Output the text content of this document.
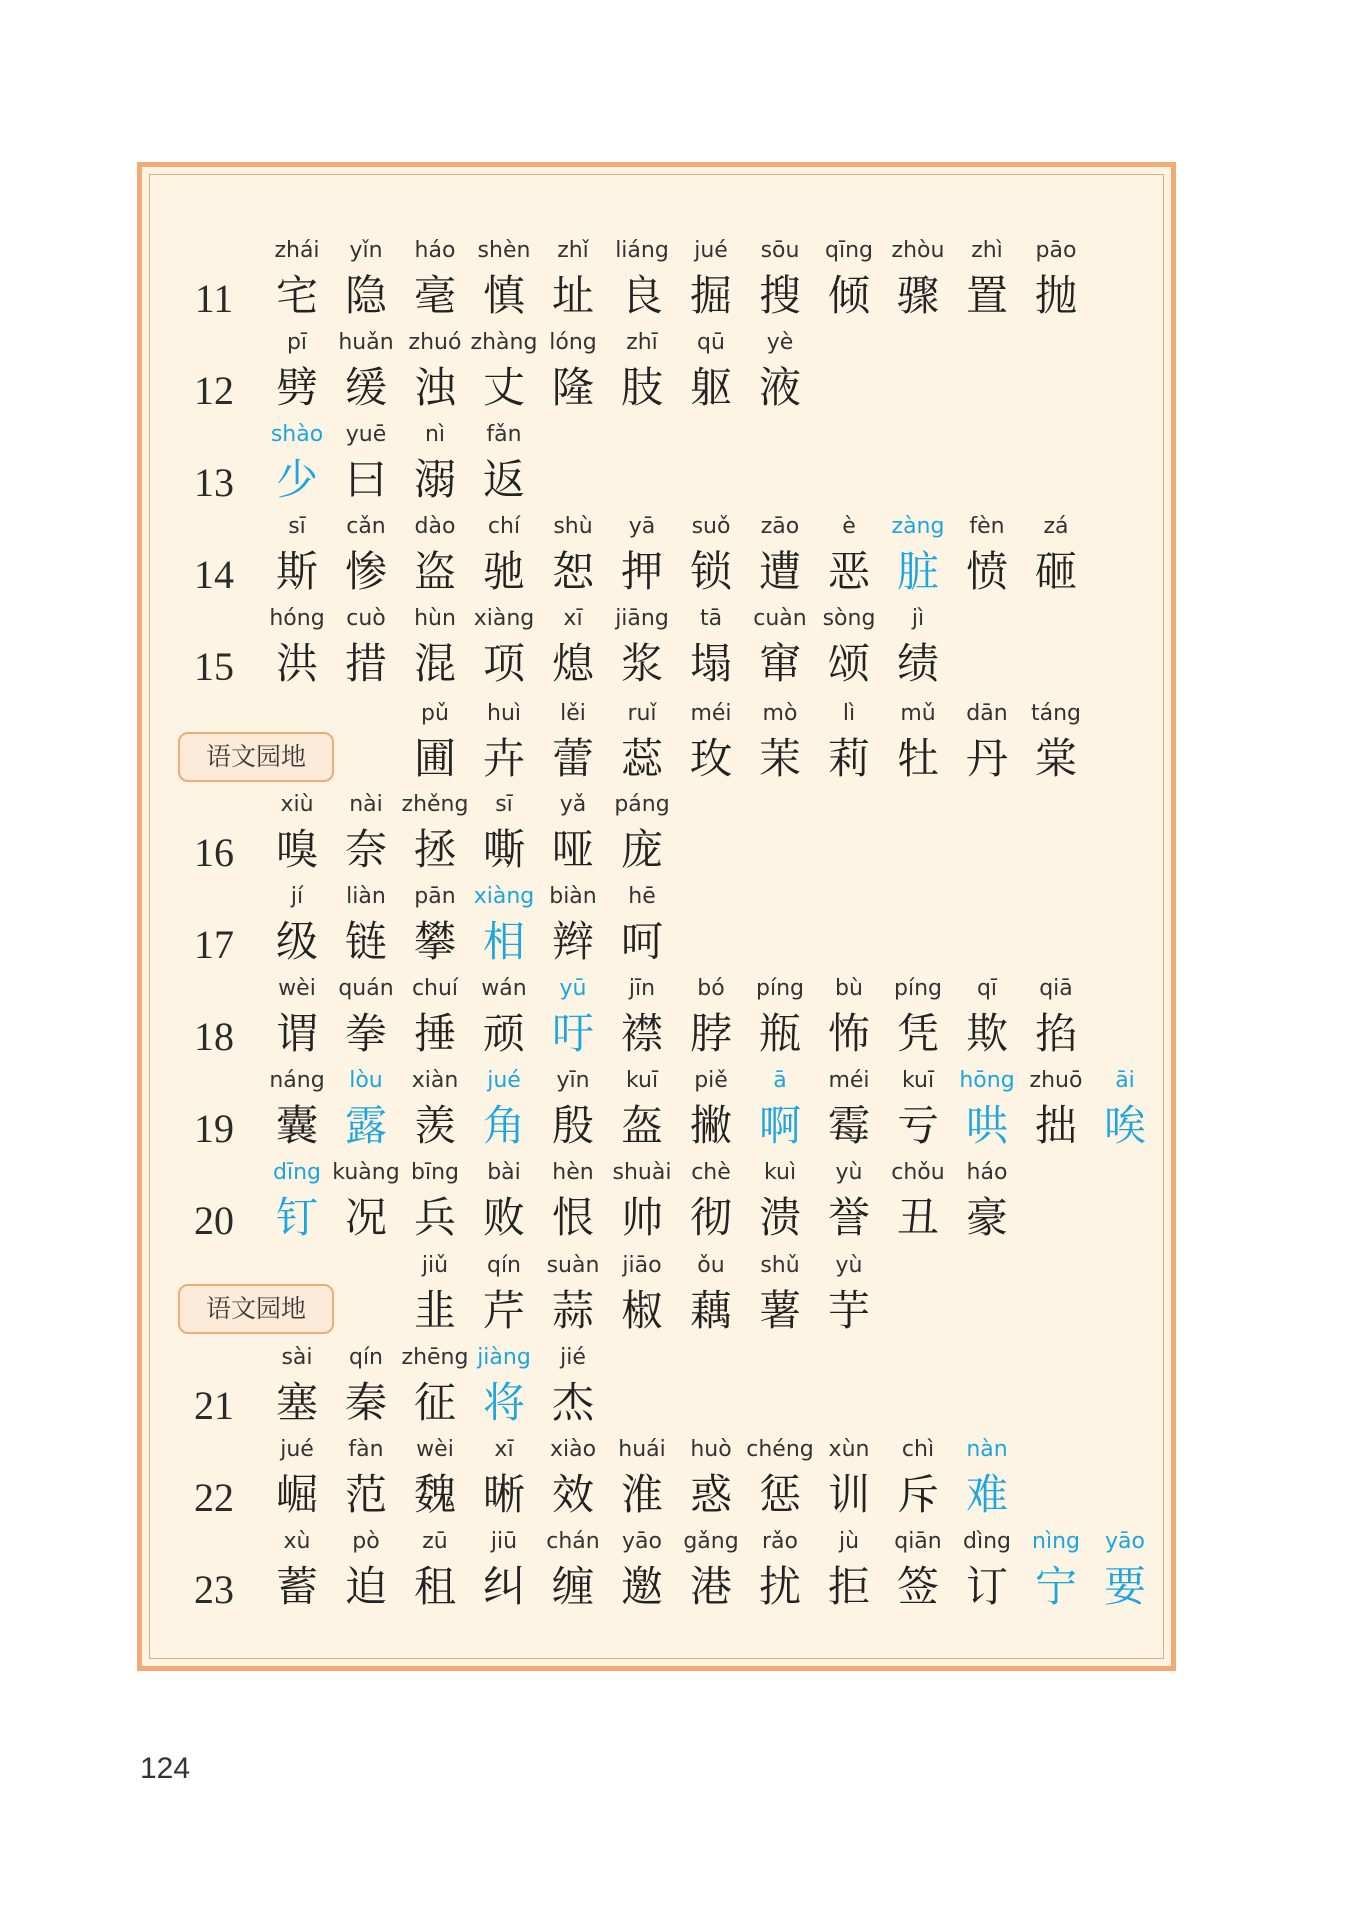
11
zhái
宅
yǐn
隐
háo
毫
shèn
慎
zhǐ
址
liáng
良
jué
掘
sōu
搜
qīng
倾
zhòu
骤
zhì
置
pāo
抛
12
pī
劈
huǎn
缓
zhuó
浊
zhàng
丈
lóng
隆
zhī
肢
qū
躯
yè
液
13
shào
少
yuē
曰
nì
溺
fǎn
返
14
sī
斯
cǎn
惨
dào
盗
chí
驰
shù
恕
yā
押
suǒ
锁
zāo
遭
è
恶
zàng
脏
fèn
愤
zá
砸
15
hóng
洪
cuò
措
hùn
混
xiàng
项
xī
熄
jiāng
浆
tā
塌
cuàn
窜
sòng
颂
jì
绩
语文园地
pǔ
圃
huì
卉
lěi
蕾
ruǐ
蕊
méi
玫
mò
茉
lì
莉
mǔ
牡
dān
丹
táng
棠
16
xiù
嗅
nài
奈
zhěng
拯
sī
嘶
yǎ
哑
páng
庞
17
jí
级
liàn
链
pān
攀
xiàng
相
biàn
辫
hē
呵
18
wèi
谓
quán
拳
chuí
捶
wán
顽
yū
吁
jīn
襟
bó
脖
píng
瓶
bù
怖
píng
凭
qī
欺
qiā
掐
19
náng
囊
lòu
露
xiàn
羡
jué
角
yīn
殷
kuī
盔
piě
撇
ā
啊
méi
霉
kuī
亏
hōng
哄
zhuō
拙
āi
唉
20
dīng
钉
kuàng
况
bīng
兵
bài
败
hèn
恨
shuài
帅
chè
彻
kuì
溃
yù
誉
chǒu
丑
háo
豪
语文园地
jiǔ
韭
qín
芹
suàn
蒜
jiāo
椒
ǒu
藕
shǔ
薯
yù
芋
21
sài
塞
qín
秦
zhēng
征
jiàng
将
jié
杰
22
jué
崛
fàn
范
wèi
魏
xī
晰
xiào
效
huái
淮
huò
惑
chéng
惩
xùn
训
chì
斥
nàn
难
23
xù
蓄
pò
迫
zū
租
jiū
纠
chán
缠
yāo
邀
gǎng
港
rǎo
扰
jù
拒
qiān
签
dìng
订
nìng
宁
yāo
要
124
